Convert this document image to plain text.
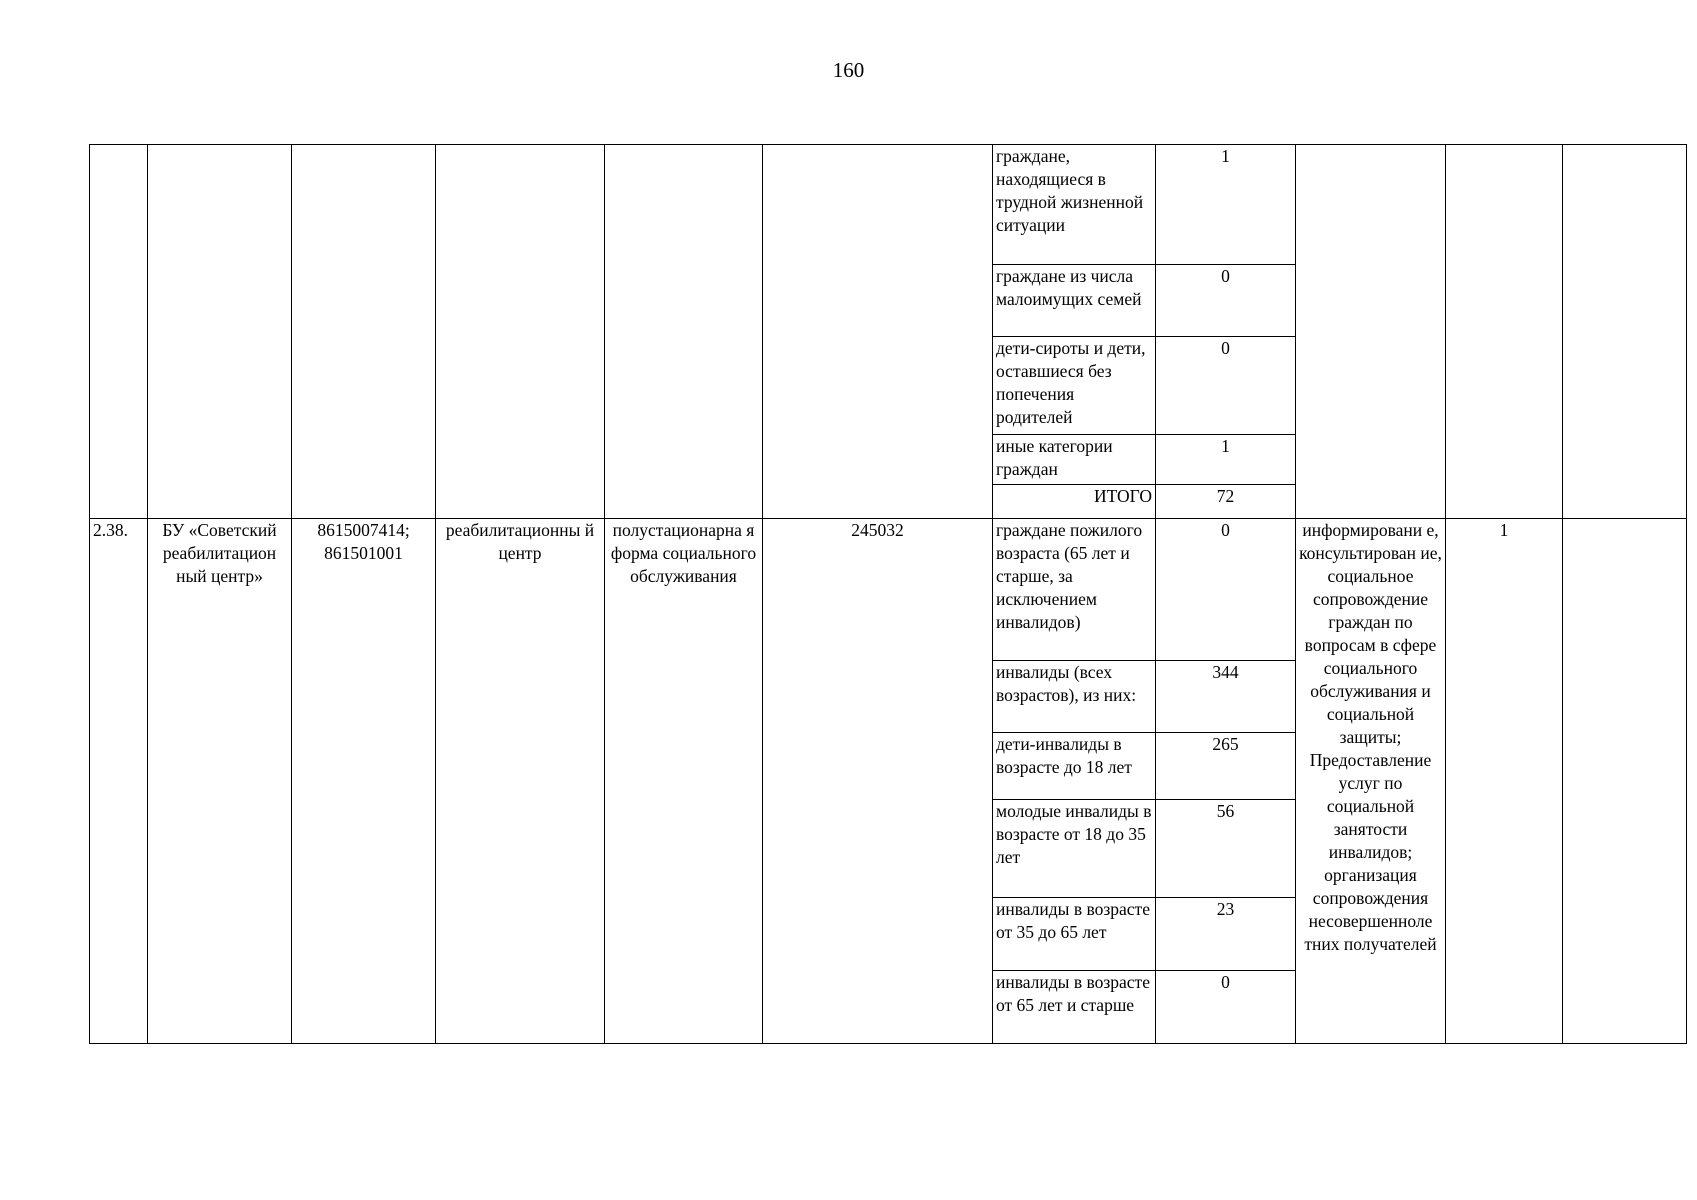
160
						граждане, находящиеся в трудной жизненной ситуации	1			
						граждане из числа малоимущих семей	0			
						дети-сироты и дети, оставшиеся без попечения родителей	0			
						иные категории граждан	1			
						ИТОГО	72			
2.38.	БУ «Советский реабилитацион ный центр»	8615007414; 861501001	реабилитационны й центр	полустационарна я форма социального обслуживания	245032	граждане пожилого возраста (65 лет и старше, за исключением инвалидов)	0	информировани е, консультирован ие, социальное сопровождение граждан по вопросам в сфере социального обслуживания и социальной защиты; Предоставление услуг по социальной занятости инвалидов; организация сопровождения несовершенноле тних получателей	1	
						инвалиды (всех возрастов), из них:	344			
						дети-инвалиды в возрасте до 18 лет	265			
						молодые инвалиды в возрасте от 18 до 35 лет	56			
						инвалиды в возрасте от 35 до 65 лет	23			
						инвалиды в возрасте от 65 лет и старше	0			
